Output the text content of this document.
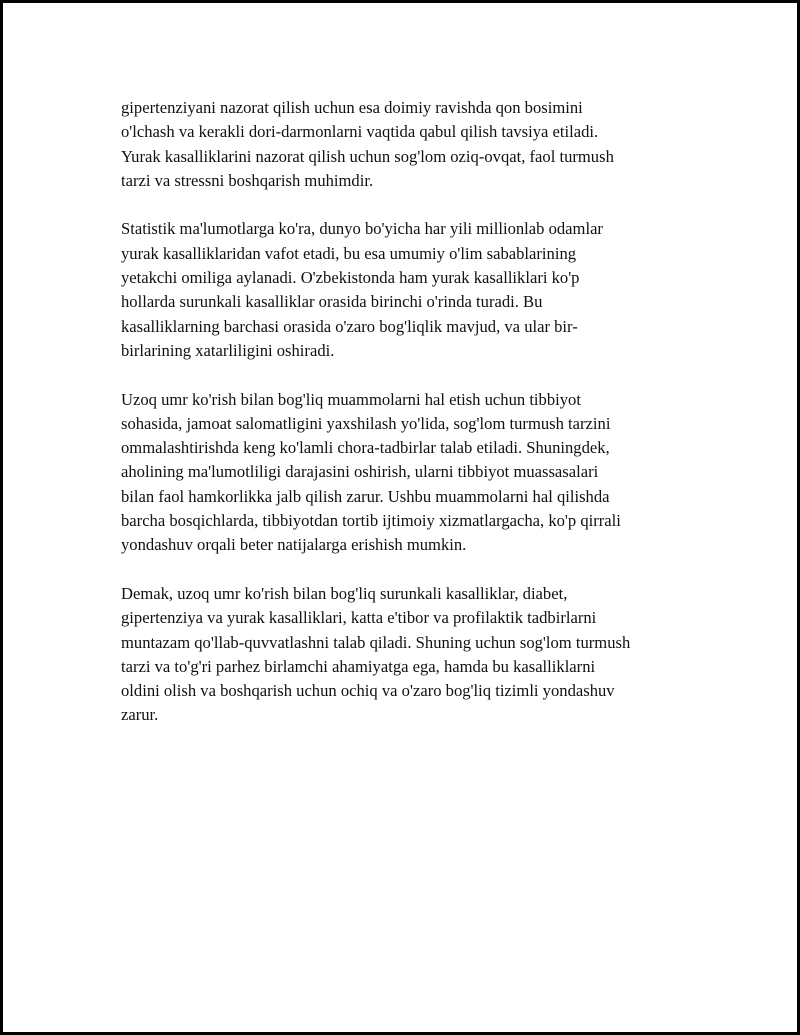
gipertenziyani nazorat qilish uchun esa doimiy ravishda qon bosimini
o'lchash va kerakli dori-darmonlarni vaqtida qabul qilish tavsiya etiladi.
Yurak kasalliklarini nazorat qilish uchun sog'lom oziq-ovqat, faol turmush
tarzi va stressni boshqarish muhimdir.

Statistik ma'lumotlarga ko'ra, dunyo bo'yicha har yili millionlab odamlar
yurak kasalliklaridan vafot etadi, bu esa umumiy o'lim sabablarining
yetakchi omiliga aylanadi. O'zbekistonda ham yurak kasalliklari ko'p
hollarda surunkali kasalliklar orasida birinchi o'rinda turadi. Bu
kasalliklarning barchasi orasida o'zaro bog'liqlik mavjud, va ular bir-
birlarining xatarliligini oshiradi.

Uzoq umr ko'rish bilan bog'liq muammolarni hal etish uchun tibbiyot
sohasida, jamoat salomatligini yaxshilash yo'lida, sog'lom turmush tarzini
ommalashtirishda keng ko'lamli chora-tadbirlar talab etiladi. Shuningdek,
aholining ma'lumotliligi darajasini oshirish, ularni tibbiyot muassasalari
bilan faol hamkorlikka jalb qilish zarur. Ushbu muammolarni hal qilishda
barcha bosqichlarda, tibbiyotdan tortib ijtimoiy xizmatlargacha, ko'p qirrali
yondashuv orqali beter natijalarga erishish mumkin.

Demak, uzoq umr ko'rish bilan bog'liq surunkali kasalliklar, diabet,
gipertenziya va yurak kasalliklari, katta e'tibor va profilaktik tadbirlarni
muntazam qo'llab-quvvatlashni talab qiladi. Shuning uchun sog'lom turmush
tarzi va to'g'ri parhez birlamchi ahamiyatga ega, hamda bu kasalliklarni
oldini olish va boshqarish uchun ochiq va o'zaro bog'liq tizimli yondashuv
zarur.
